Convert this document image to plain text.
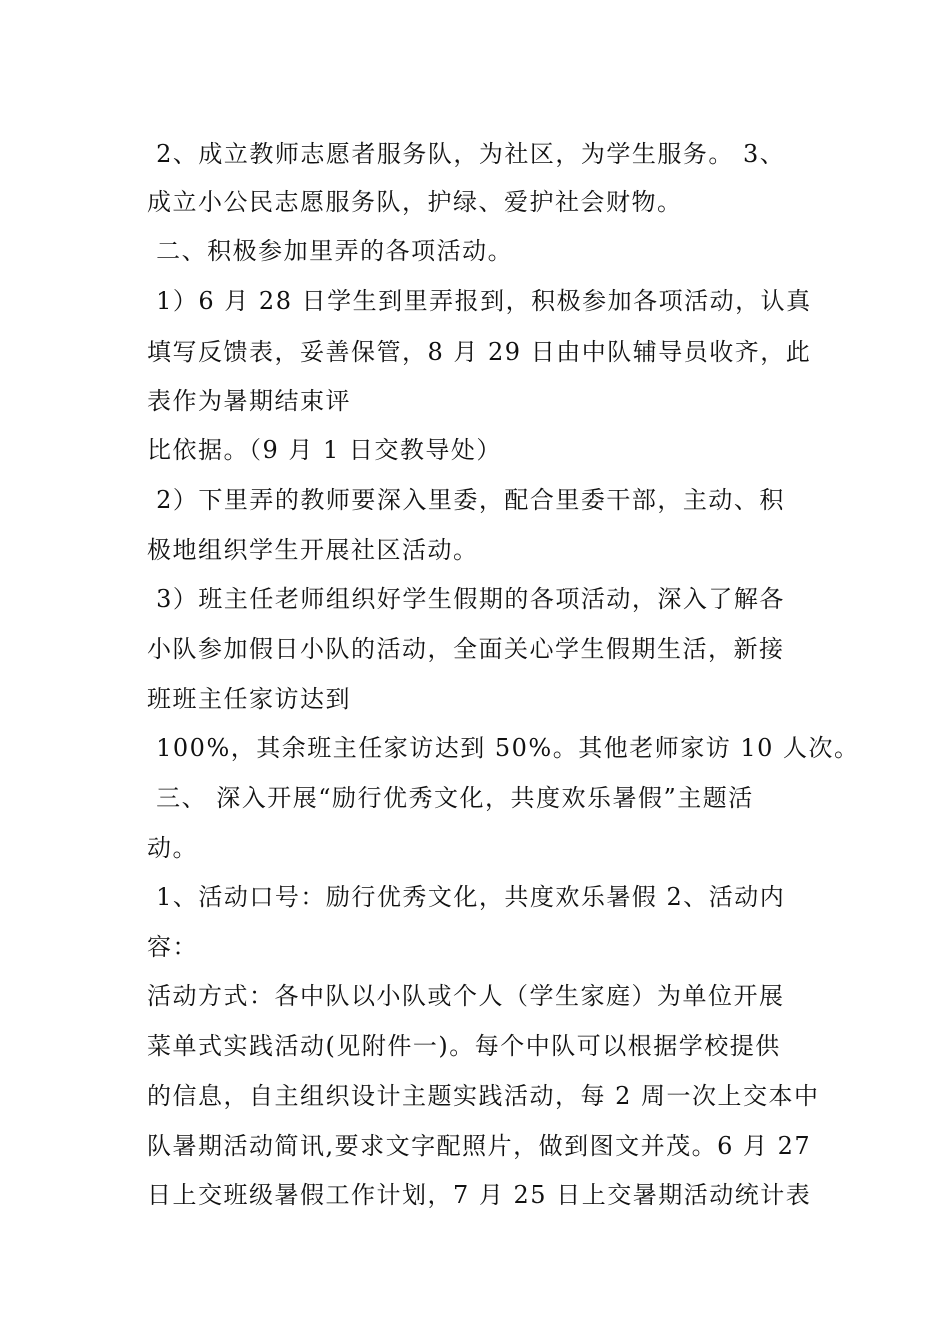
2、成立教师志愿者服务队，为社区，为学生服务。 3、
成立小公民志愿服务队，护绿、爱护社会财物。
二、积极参加里弄的各项活动。
1）6 月 28 日学生到里弄报到，积极参加各项活动，认真
填写反馈表，妥善保管，8 月 29 日由中队辅导员收齐，此
表作为暑期结束评
比依据。（9 月 1 日交教导处）
2）下里弄的教师要深入里委，配合里委干部，主动、积
极地组织学生开展社区活动。
3）班主任老师组织好学生假期的各项活动，深入了解各
小队参加假日小队的活动，全面关心学生假期生活，新接
班班主任家访达到
100%，其余班主任家访达到 50%。其他老师家访 10 人次。
三、 深入开展“励行优秀文化，共度欢乐暑假”主题活
动。
1、活动口号：励行优秀文化，共度欢乐暑假 2、活动内
容：
活动方式：各中队以小队或个人（学生家庭）为单位开展
菜单式实践活动(见附件一)。每个中队可以根据学校提供
的信息，自主组织设计主题实践活动，每 2 周一次上交本中
队暑期活动简讯,要求文字配照片，做到图文并茂。6 月 27
日上交班级暑假工作计划，7 月 25 日上交暑期活动统计表
